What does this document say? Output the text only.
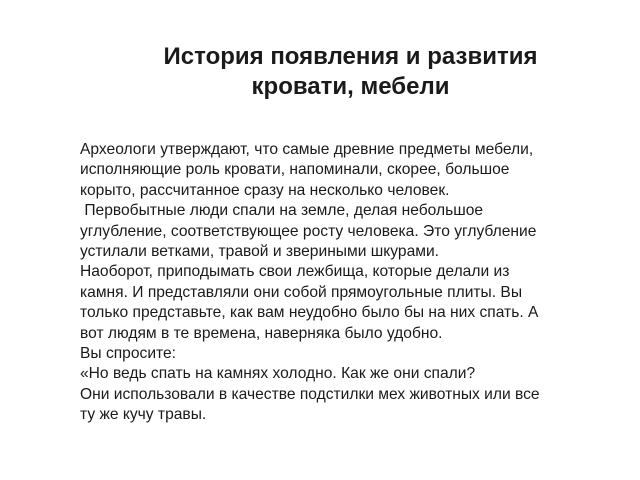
История появления и развития
кровати, мебели
Археологи утверждают, что самые древние предметы мебели,
исполняющие роль кровати, напоминали, скорее, большое
корыто, рассчитанное сразу на несколько человек.
Первобытные люди спали на земле, делая небольшое
углубление, соответствующее росту человека. Это углубление
устилали ветками, травой и звериными шкурами.
Наоборот, приподымать свои лежбища, которые делали из
камня. И представляли они собой прямоугольные плиты. Вы
только представьте, как вам неудобно было бы на них спать. А
вот людям в те времена, наверняка было удобно.
Вы спросите:
«Но ведь спать на камнях холодно. Как же они спали?
Они использовали в качестве подстилки мех животных или все
ту же кучу травы.
